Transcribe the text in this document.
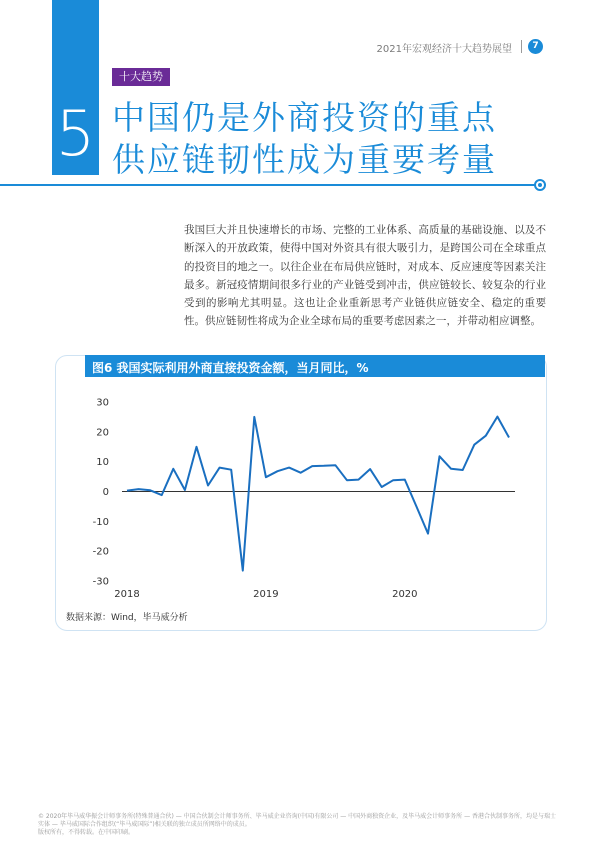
2021年宏观经济十大趋势展望	7
5
十大趋势
中国仍是外商投资的重点
供应链韧性成为重要考量
我国巨大并且快速增长的市场、完整的工业体系、高质量的基础设施、以及不断深入的开放政策，使得中国对外资具有很大吸引力，是跨国公司在全球重点的投资目的地之一。以往企业在布局供应链时，对成本、反应速度等因素关注最多。新冠疫情期间很多行业的产业链受到冲击，供应链较长、较复杂的行业受到的影响尤其明显。这也让企业重新思考产业链供应链安全、稳定的重要性。供应链韧性将成为企业全球布局的重要考虑因素之一，并带动相应调整。
图6 我国实际利用外商直接投资金额，当月同比，%
30
20
10
0
-10
-20
-30
2018	2019	2020
数据来源：Wind，毕马威分析
© 2020年毕马威华振会计师事务所(特殊普通合伙) — 中国合伙制会计师事务所、毕马威企业咨询(中国)有限公司 — 中国外商独资企业，及毕马威会计师事务所 — 香港合伙制事务所，均是与瑞士实体 — 毕马威国际合作组织(“毕马威国际”)相关联的独立成员所网络中的成员。
版权所有，不得转载。在中国印刷。
